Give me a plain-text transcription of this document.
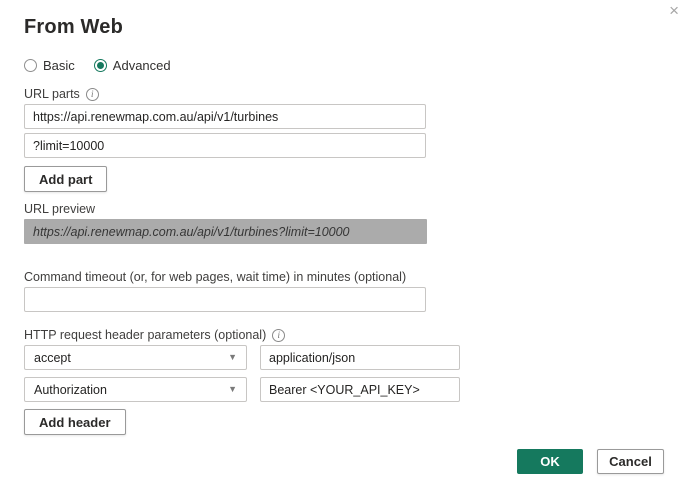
×
From Web
Basic	Advanced
URL parts	i
https://api.renewmap.com.au/api/v1/turbines
?limit=10000 Add part
URL preview
https://api.renewmap.com.au/api/v1/turbines?limit=10000
Command timeout (or, for web pages, wait time) in minutes (optional)
HTTP request header parameters (optional)	i
accept	▼
application/json
Authorization	▼
Bearer <YOUR_API_KEY>
Add header
OK	Cancel
